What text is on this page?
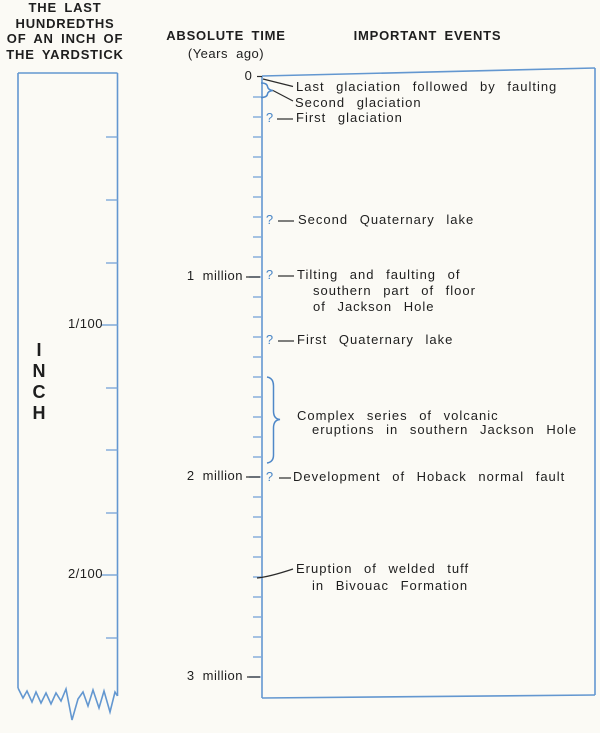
THE LAST
HUNDREDTHS
OF AN INCH OF
THE YARDSTICK
ABSOLUTE TIME
(Years ago)
IMPORTANT EVENTS
0
1 million
2 million
3 million
1/100
2/100
I
N
C
H
?
?
?
?
?
Last glaciation followed by faulting
Second glaciation
First glaciation
Second Quaternary lake
Tilting and faulting of
southern part of floor
of Jackson Hole
First Quaternary lake
Complex series of volcanic
eruptions in southern Jackson Hole
Development of Hoback normal fault
Eruption of welded tuff
in Bivouac Formation
